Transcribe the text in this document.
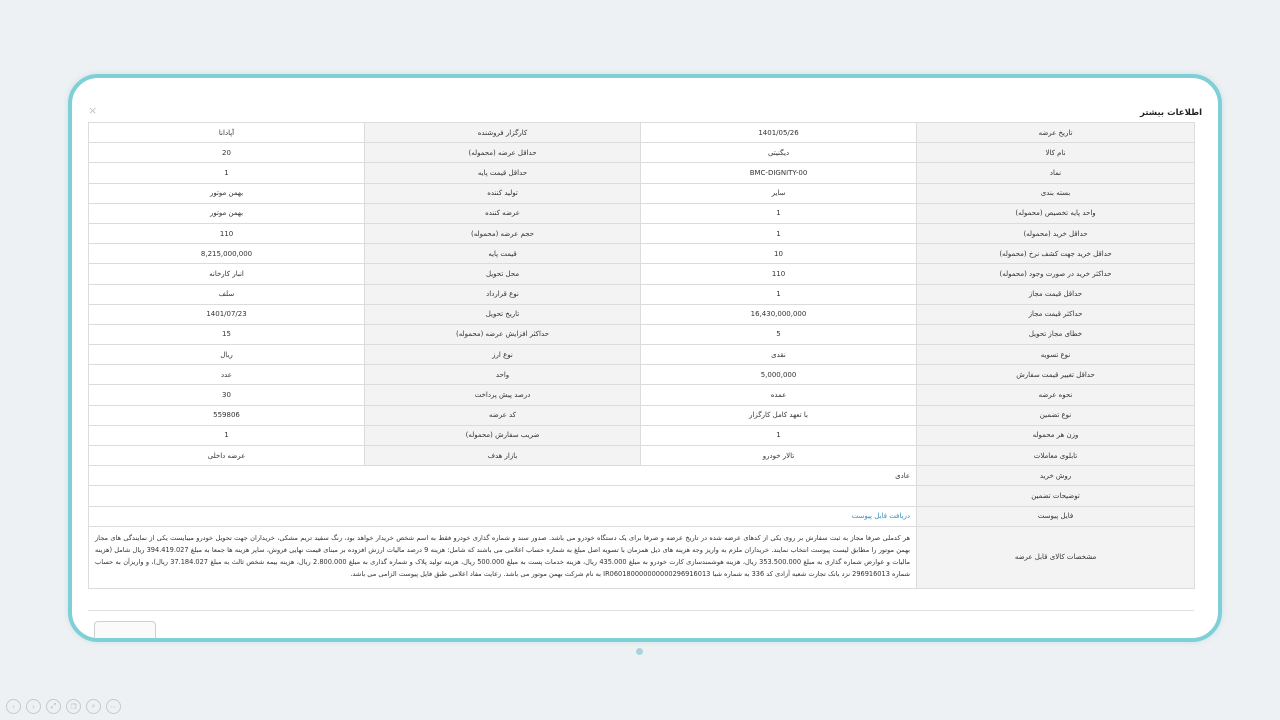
×	اطلاعات بیشتر
آپادانا	کارگزار فروشنده	1401/05/26	تاریخ عرضه
20	حداقل عرضه (محموله)	دیگنیتی	نام کالا
1	حداقل قیمت پایه	BMC-DIGNITY-00	نماد
بهمن موتور	تولید کننده	سایر	بسته بندی
بهمن موتور	عرضه کننده	1	واحد پایه تخصیص (محموله)
110	حجم عرضه (محموله)	1	حداقل خرید (محموله)
8,215,000,000	قیمت پایه	10	حداقل خرید جهت کشف نرخ (محموله)
انبار کارخانه	محل تحویل	110	حداکثر خرید در صورت وجود (محموله)
سلف	نوع قرارداد	1	حداقل قیمت مجاز
1401/07/23	تاریخ تحویل	16,430,000,000	حداکثر قیمت مجاز
15	حداکثر افزایش عرضه (محموله)	5	خطای مجاز تحویل
ریال	نوع ارز	نقدی	نوع تسویه
عدد	واحد	5,000,000	حداقل تغییر قیمت سفارش
30	درصد پیش پرداخت	عمده	نحوه عرضه
559806	کد عرضه	با تعهد کامل کارگزار	نوع تضمین
1	ضریب سفارش (محموله)	1	وزن هر محموله
عرضه داخلی	بازار هدف	تالار خودرو	تابلوی معاملات
عادی	روش خرید
توضیحات تضمین
دریافت فایل پیوست	فایل پیوست
هر کدملی صرفا مجاز به ثبت سفارش بر روی یکی از کدهای عرضه شده در تاریخ عرضه و صرفا برای یک دستگاه خودرو می باشد. صدور سند و شماره گذاری خودرو فقط به اسم شخص خریدار خواهد بود، رنگ سفید تریم مشکی، خریداران جهت تحویل خودرو میبایست یکی از نمایندگی های مجاز بهمن موتور را مطابق لیست پیوست انتخاب نمایند. خریداران ملزم به واریز وجه هزینه های ذیل همزمان با تسویه اصل مبلغ به شماره حساب اعلامی می باشند که شامل: هزینه 9 درصد مالیات ارزش افزوده بر مبنای قیمت نهایی فروش، سایر هزینه ها جمعا به مبلغ 394.419.027 ریال شامل (هزینه مالیات و عوارض شماره گذاری به مبلغ 353.500.000 ریال، هزینه هوشمندسازی کارت خودرو به مبلغ 435.000 ریال، هزینه خدمات پست به مبلغ 500.000 ریال، هزینه تولید پلاک و شماره گذاری به مبلغ 2.800.000 ریال، هزینه بیمه شخص ثالث به مبلغ 37.184.027 ریال)، و واریزآن به حساب شماره 296916013 نزد بانک تجارت شعبه آزادی کد 336 به شماره شبا IR060180000000000296916013 به نام شرکت بهمن موتور می باشد. رعایت مفاد اعلامی طبق فایل پیوست الزامی می باشد.
مشخصات کالای قابل عرضه
‹	›	⤢	❐	⌕	⋯
